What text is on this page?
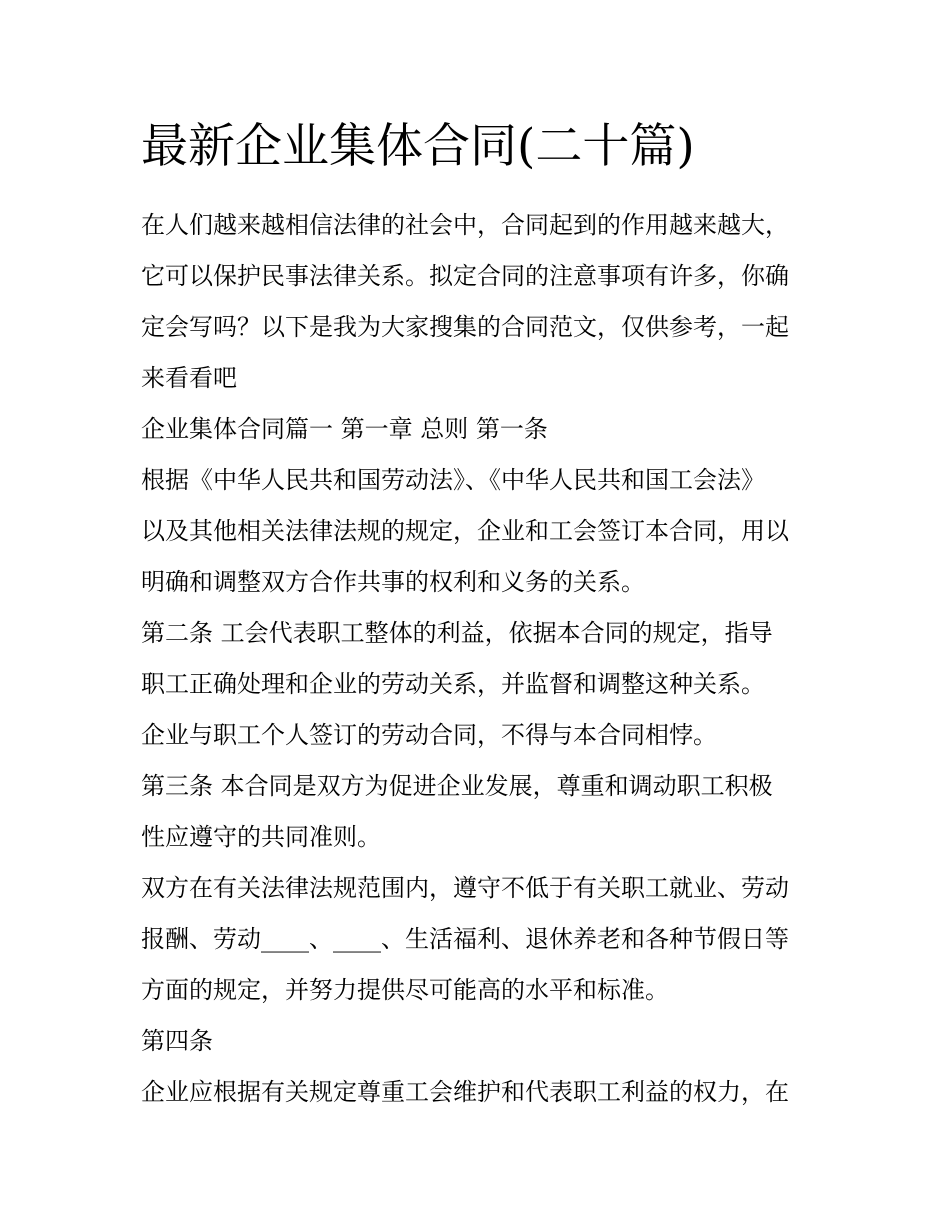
最新企业集体合同(二十篇)

在人们越来越相信法律的社会中，合同起到的作用越来越大，

它可以保护民事法律关系。拟定合同的注意事项有许多，你确

定会写吗？以下是我为大家搜集的合同范文，仅供参考，一起

来看看吧

企业集体合同篇一 第一章 总则 第一条

根据《中华人民共和国劳动法》、《中华人民共和国工会法》

以及其他相关法律法规的规定，企业和工会签订本合同，用以

明确和调整双方合作共事的权利和义务的关系。

第二条 工会代表职工整体的利益，依据本合同的规定，指导

职工正确处理和企业的劳动关系，并监督和调整这种关系。

企业与职工个人签订的劳动合同，不得与本合同相悖。

第三条 本合同是双方为促进企业发展，尊重和调动职工积极

性应遵守的共同准则。

双方在有关法律法规范围内，遵守不低于有关职工就业、劳动

报酬、劳动____、____、生活福利、退休养老和各种节假日等

方面的规定，并努力提供尽可能高的水平和标准。

第四条

企业应根据有关规定尊重工会维护和代表职工利益的权力，在
